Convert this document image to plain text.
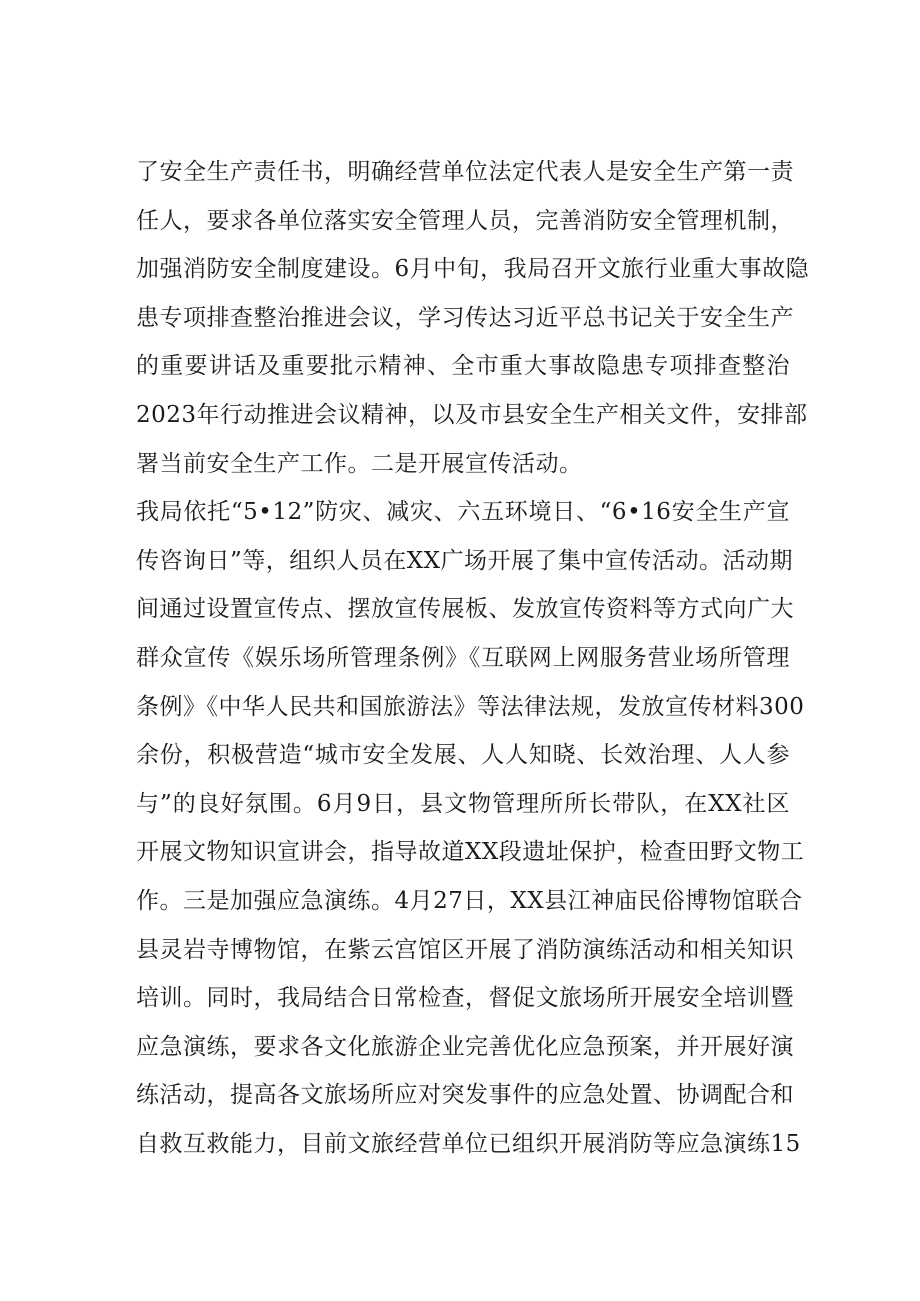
了安全生产责任书，明确经营单位法定代表人是安全生产第一责
任人，要求各单位落实安全管理人员，完善消防安全管理机制，
加强消防安全制度建设。6月中旬，我局召开文旅行业重大事故隐
患专项排查整治推进会议，学习传达习近平总书记关于安全生产
的重要讲话及重要批示精神、全市重大事故隐患专项排查整治
2023年行动推进会议精神，以及市县安全生产相关文件，安排部
署当前安全生产工作。二是开展宣传活动。
我局依托“5•12”防灾、减灾、六五环境日、“6•16安全生产宣
传咨询日”等，组织人员在XX广场开展了集中宣传活动。活动期
间通过设置宣传点、摆放宣传展板、发放宣传资料等方式向广大
群众宣传《娱乐场所管理条例》《互联网上网服务营业场所管理
条例》《中华人民共和国旅游法》等法律法规，发放宣传材料300
余份，积极营造“城市安全发展、人人知晓、长效治理、人人参
与”的良好氛围。6月9日，县文物管理所所长带队，在XX社区
开展文物知识宣讲会，指导故道XX段遗址保护，检查田野文物工
作。三是加强应急演练。4月27日，XX县江神庙民俗博物馆联合
县灵岩寺博物馆，在紫云宫馆区开展了消防演练活动和相关知识
培训。同时，我局结合日常检查，督促文旅场所开展安全培训暨
应急演练，要求各文化旅游企业完善优化应急预案，并开展好演
练活动，提高各文旅场所应对突发事件的应急处置、协调配合和
自救互救能力，目前文旅经营单位已组织开展消防等应急演练15
